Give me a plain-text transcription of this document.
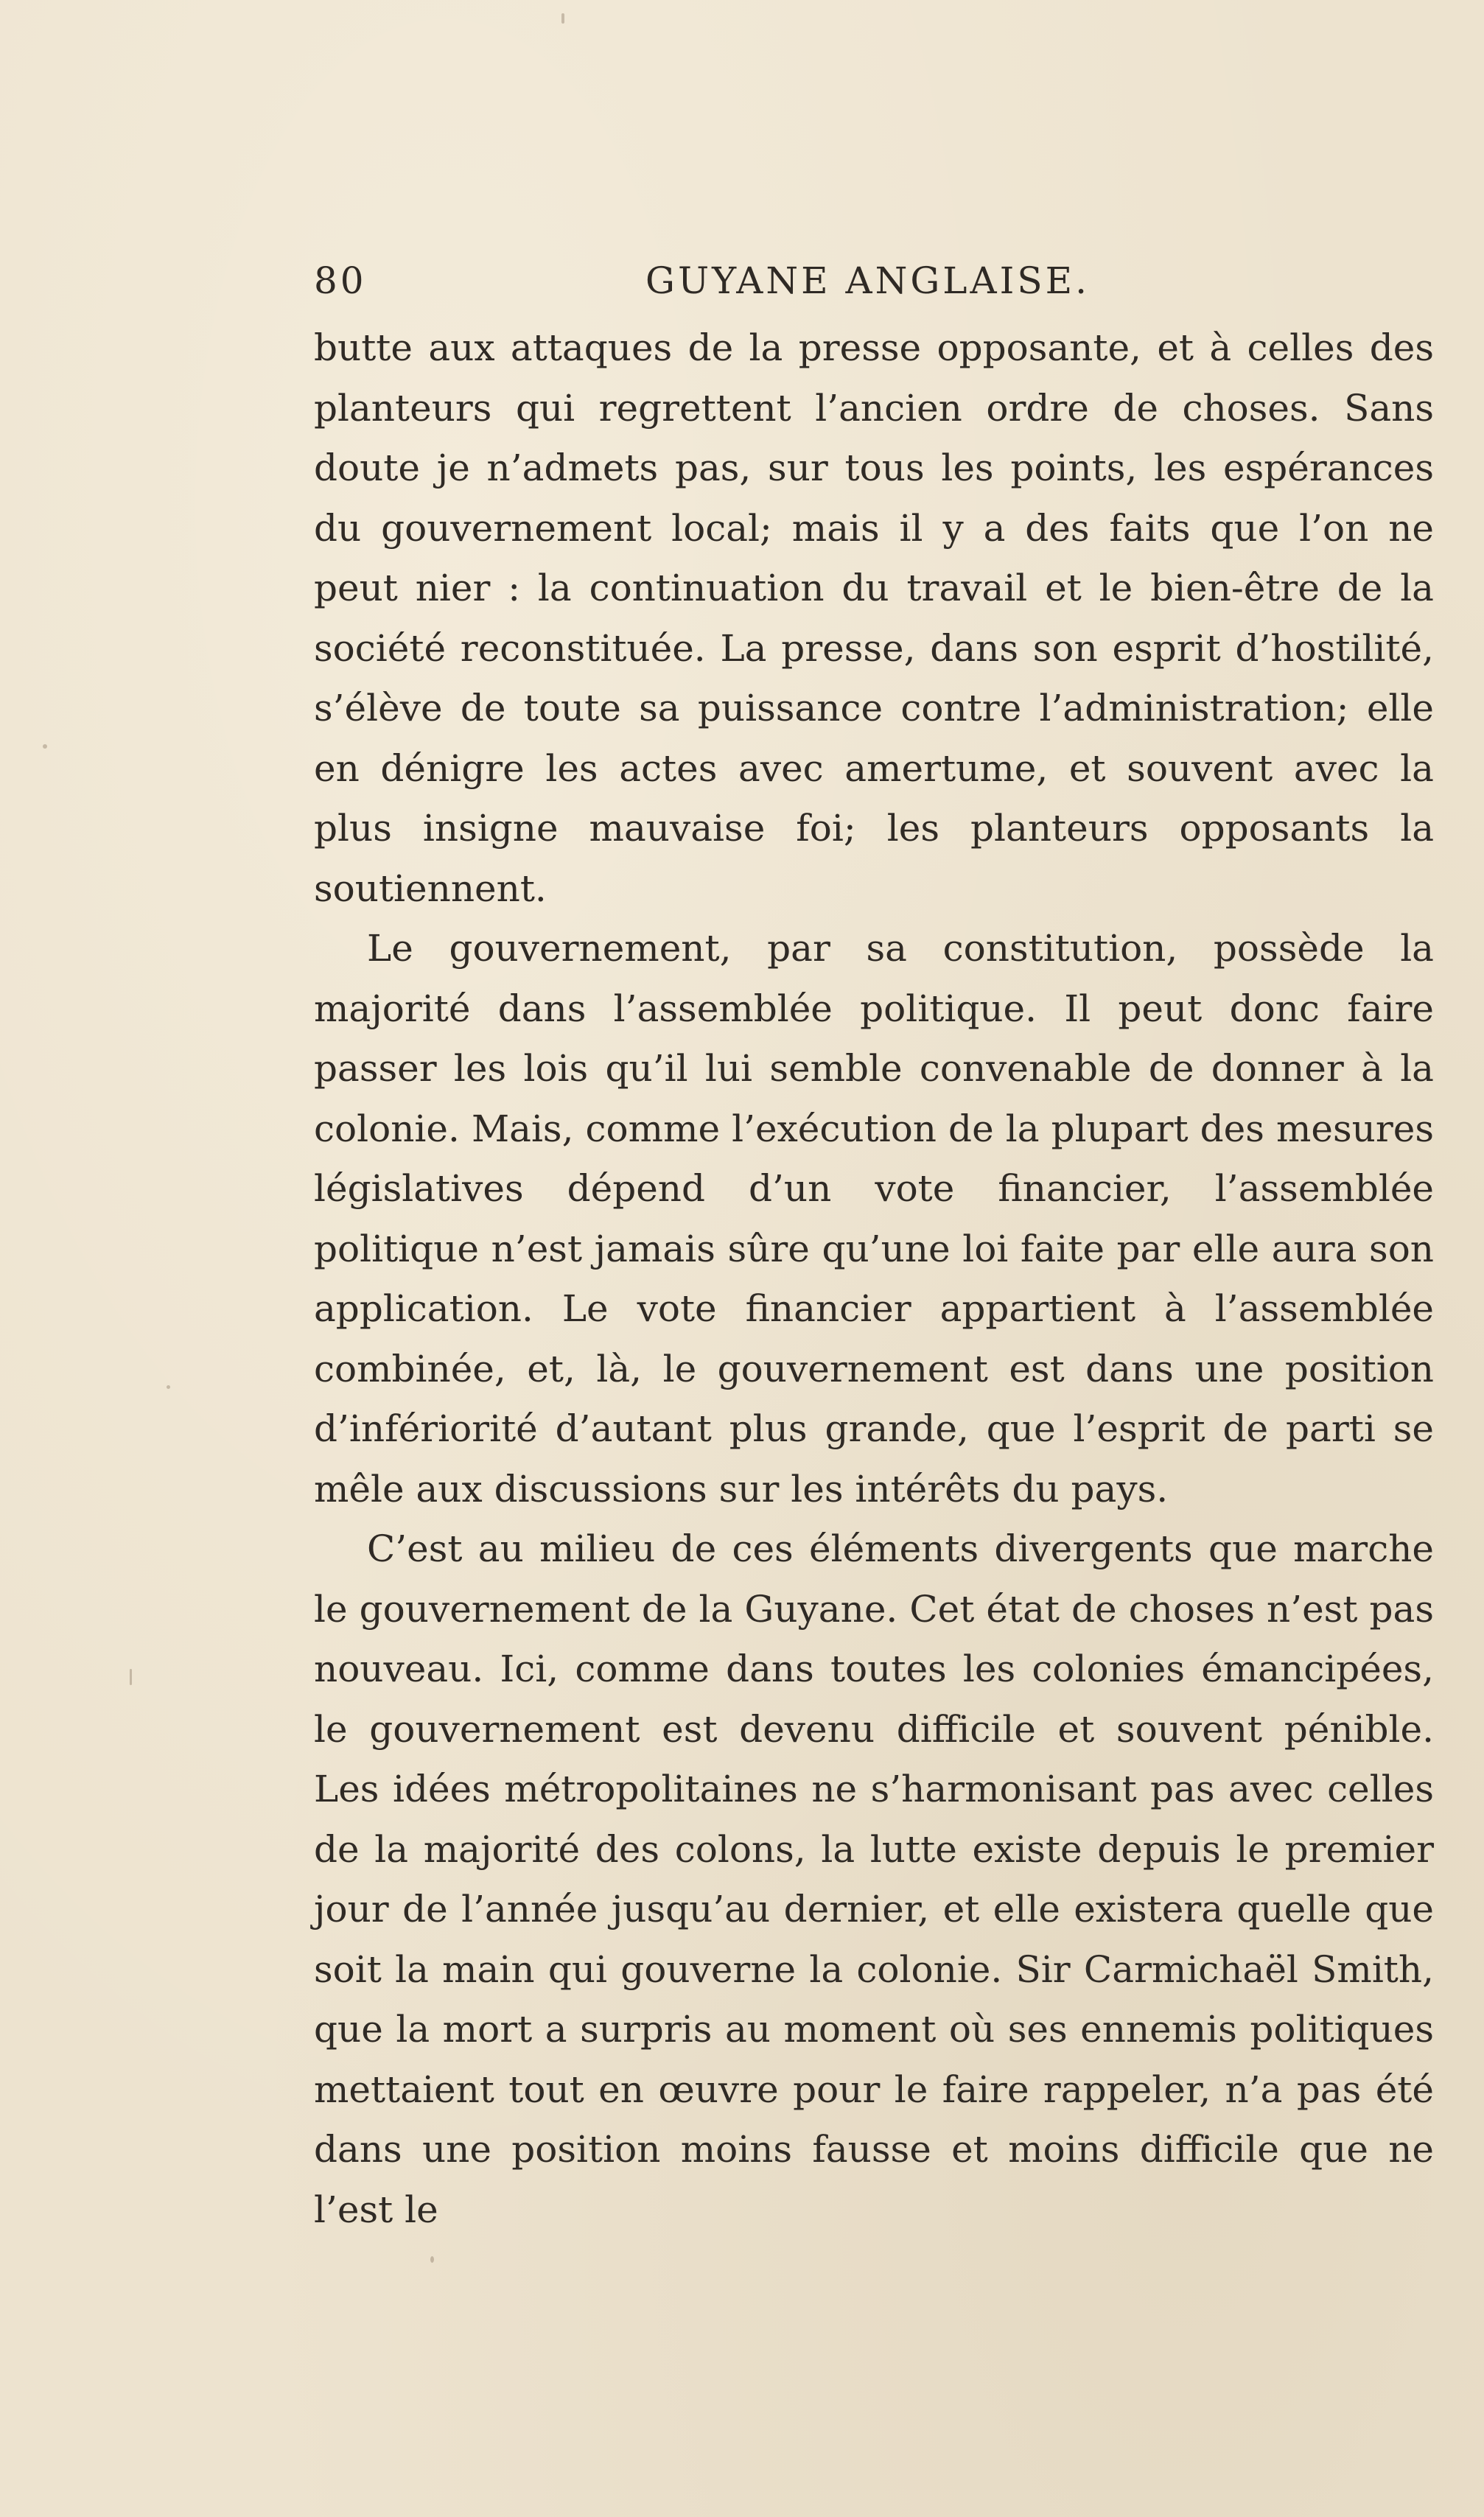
80	GUYANE ANGLAISE.

butte aux attaques de la presse opposante, et à celles des planteurs qui regrettent l’ancien ordre de choses. Sans doute je n’admets pas, sur tous les points, les espérances du gouvernement local; mais il y a des faits que l’on ne peut nier : la continuation du travail et le bien-être de la société reconstituée. La presse, dans son esprit d’hostilité, s’élève de toute sa puissance contre l’administration; elle en dénigre les actes avec amertume, et souvent avec la plus insigne mauvaise foi; les planteurs opposants la soutiennent.

Le gouvernement, par sa constitution, possède la majorité dans l’assemblée politique. Il peut donc faire passer les lois qu’il lui semble convenable de donner à la colonie. Mais, comme l’exécution de la plupart des mesures législatives dépend d’un vote financier, l’assemblée politique n’est jamais sûre qu’une loi faite par elle aura son application. Le vote financier appartient à l’assemblée combinée, et, là, le gouvernement est dans une position d’infériorité d’autant plus grande, que l’esprit de parti se mêle aux discussions sur les intérêts du pays.

C’est au milieu de ces éléments divergents que marche le gouvernement de la Guyane. Cet état de choses n’est pas nouveau. Ici, comme dans toutes les colonies émancipées, le gouvernement est devenu difficile et souvent pénible. Les idées métropolitaines ne s’harmonisant pas avec celles de la majorité des colons, la lutte existe depuis le premier jour de l’année jusqu’au dernier, et elle existera quelle que soit la main qui gouverne la colonie. Sir Carmichaël Smith, que la mort a surpris au moment où ses ennemis politiques mettaient tout en œuvre pour le faire rappeler, n’a pas été dans une position moins fausse et moins difficile que ne l’est le
